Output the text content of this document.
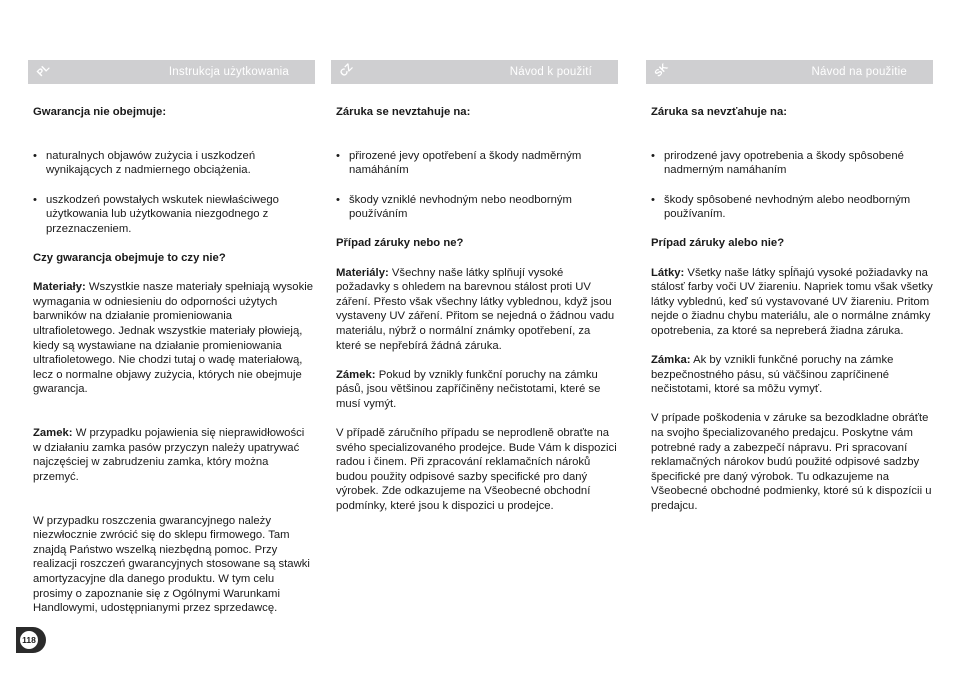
PL	Instrukcja użytkowania

Gwarancja nie obejmuje:

• naturalnych objawów zużycia i uszkodzeń wynikających z nadmiernego obciążenia.
• uszkodzeń powstałych wskutek niewłaściwego użytkowania lub użytkowania niezgodnego z przeznaczeniem.

Czy gwarancja obejmuje to czy nie?

Materiały: Wszystkie nasze materiały spełniają wysokie wymagania w odniesieniu do odporności użytych barwników na działanie promieniowania ultrafioletowego. Jednak wszystkie materiały płowieją, kiedy są wystawiane na działanie promieniowania ultrafioletowego. Nie chodzi tutaj o wadę materiałową, lecz o normalne objawy zużycia, których nie obejmuje gwarancja.

Zamek: W przypadku pojawienia się nieprawidłowości w działaniu zamka pasów przyczyn należy upatrywać najczęściej w zabrudzeniu zamka, który można przemyć.

W przypadku roszczenia gwarancyjnego należy niezwłocznie zwrócić się do sklepu firmowego. Tam znajdą Państwo wszelką niezbędną pomoc. Przy realizacji roszczeń gwarancyjnych stosowane są stawki amortyzacyjne dla danego produktu. W tym celu prosimy o zapoznanie się z Ogólnymi Warunkami Handlowymi, udostępnianymi przez sprzedawcę.

CZ	Návod k použití

Záruka se nevztahuje na:

• přirozené jevy opotřebení a škody nadměrným namáháním
• škody vzniklé nevhodným nebo neodborným používáním

Případ záruky nebo ne?

Materiály: Všechny naše látky splňují vysoké požadavky s ohledem na barevnou stálost proti UV záření. Přesto však všechny látky vyblednou, když jsou vystaveny UV záření. Přitom se nejedná o žádnou vadu materiálu, nýbrž o normální známky opotřebení, za které se nepřebírá žádná záruka.

Zámek: Pokud by vznikly funkční poruchy na zámku pásů, jsou většinou zapříčiněny nečistotami, které se musí vymýt.

V případě záručního případu se neprodleně obraťte na svého specializovaného prodejce. Bude Vám k dispozici radou i činem. Při zpracování reklamačních nároků budou použity odpisové sazby specifické pro daný výrobek. Zde odkazujeme na Všeobecné obchodní podmínky, které jsou k dispozici u prodejce.

SK	Návod na použitie

Záruka sa nevzťahuje na:

• prirodzené javy opotrebenia a škody spôsobené nadmerným namáhaním
• škody spôsobené nevhodným alebo neodborným používaním.

Prípad záruky alebo nie?

Látky: Všetky naše látky spĺňajú vysoké požiadavky na stálosť farby voči UV žiareniu. Napriek tomu však všetky látky vyblednú, keď sú vystavované UV žiareniu. Pritom nejde o žiadnu chybu materiálu, ale o normálne známky opotrebenia, za ktoré sa nepreberá žiadna záruka.

Zámka: Ak by vznikli funkčné poruchy na zámke bezpečnostného pásu, sú väčšinou zapríčinené nečistotami, ktoré sa môžu vymyť.

V prípade poškodenia v záruke sa bezodkladne obráťte na svojho špecializovaného predajcu. Poskytne vám potrebné rady a zabezpečí nápravu. Pri spracovaní reklamačných nárokov budú použité odpisové sadzby špecifické pre daný výrobok. Tu odkazujeme na Všeobecné obchodné podmienky, ktoré sú k dispozícii u predajcu.

118
